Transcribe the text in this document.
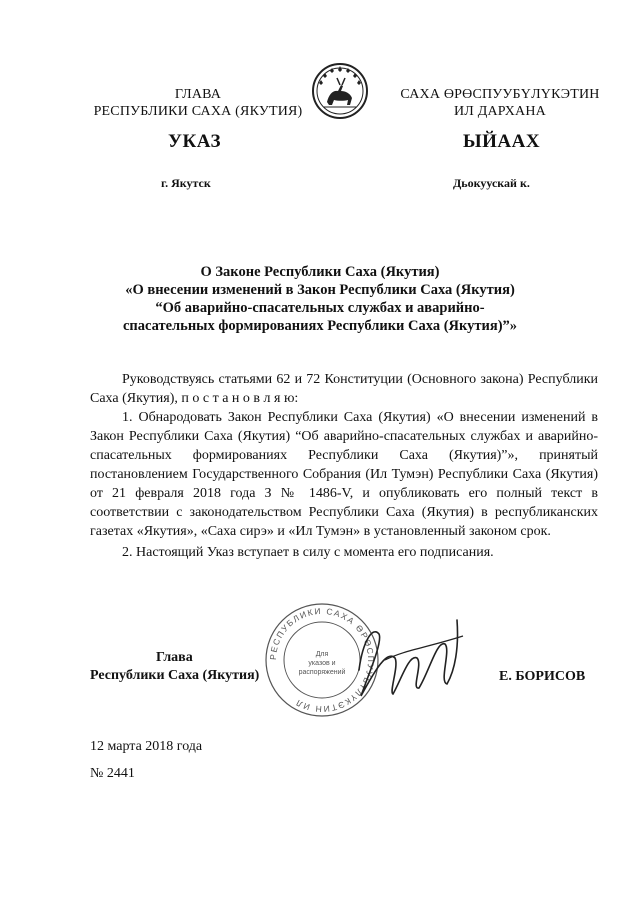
ГЛАВА
РЕСПУБЛИКИ САХА (ЯКУТИЯ)
САХА ӨРӨСПУУБҮЛҮКЭТИН
ИЛ ДАРХАНА
УКАЗ	ЫЙААХ
г. Якутск	Дьокуускай к.
О Законе Республики Саха (Якутия)
«О внесении изменений в Закон Республики Саха (Якутия)
“Об аварийно-спасательных службах и аварийно-
спасательных формированиях Республики Саха (Якутия)”»

Руководствуясь статьями 62 и 72 Конституции (Основного закона) Республики Саха (Якутия), п о с т а н о в л я ю:

1. Обнародовать Закон Республики Саха (Якутия) «О внесении изменений в Закон Республики Саха (Якутия) “Об аварийно-спасательных службах и аварийно-спасательных формированиях Республики Саха (Якутия)”», принятый постановлением Государственного Собрания (Ил Тумэн) Республики Саха (Якутия) от 21 февраля 2018 года З № 1486-V, и опубликовать его полный текст в соответствии с законодательством Республики Саха (Якутия) в республиканских газетах «Якутия», «Саха сирэ» и «Ил Тумэн» в установленный законом срок.

2. Настоящий Указ вступает в силу с момента его подписания.

РЕСПУБЛИКИ САХА ӨРӨСПУУБҮЛҮКЭТИН ИЛ
Для
указов и
распоряжений
Глава
Республики Саха (Якутия)	Е. БОРИСОВ
12 марта 2018 года
№ 2441
